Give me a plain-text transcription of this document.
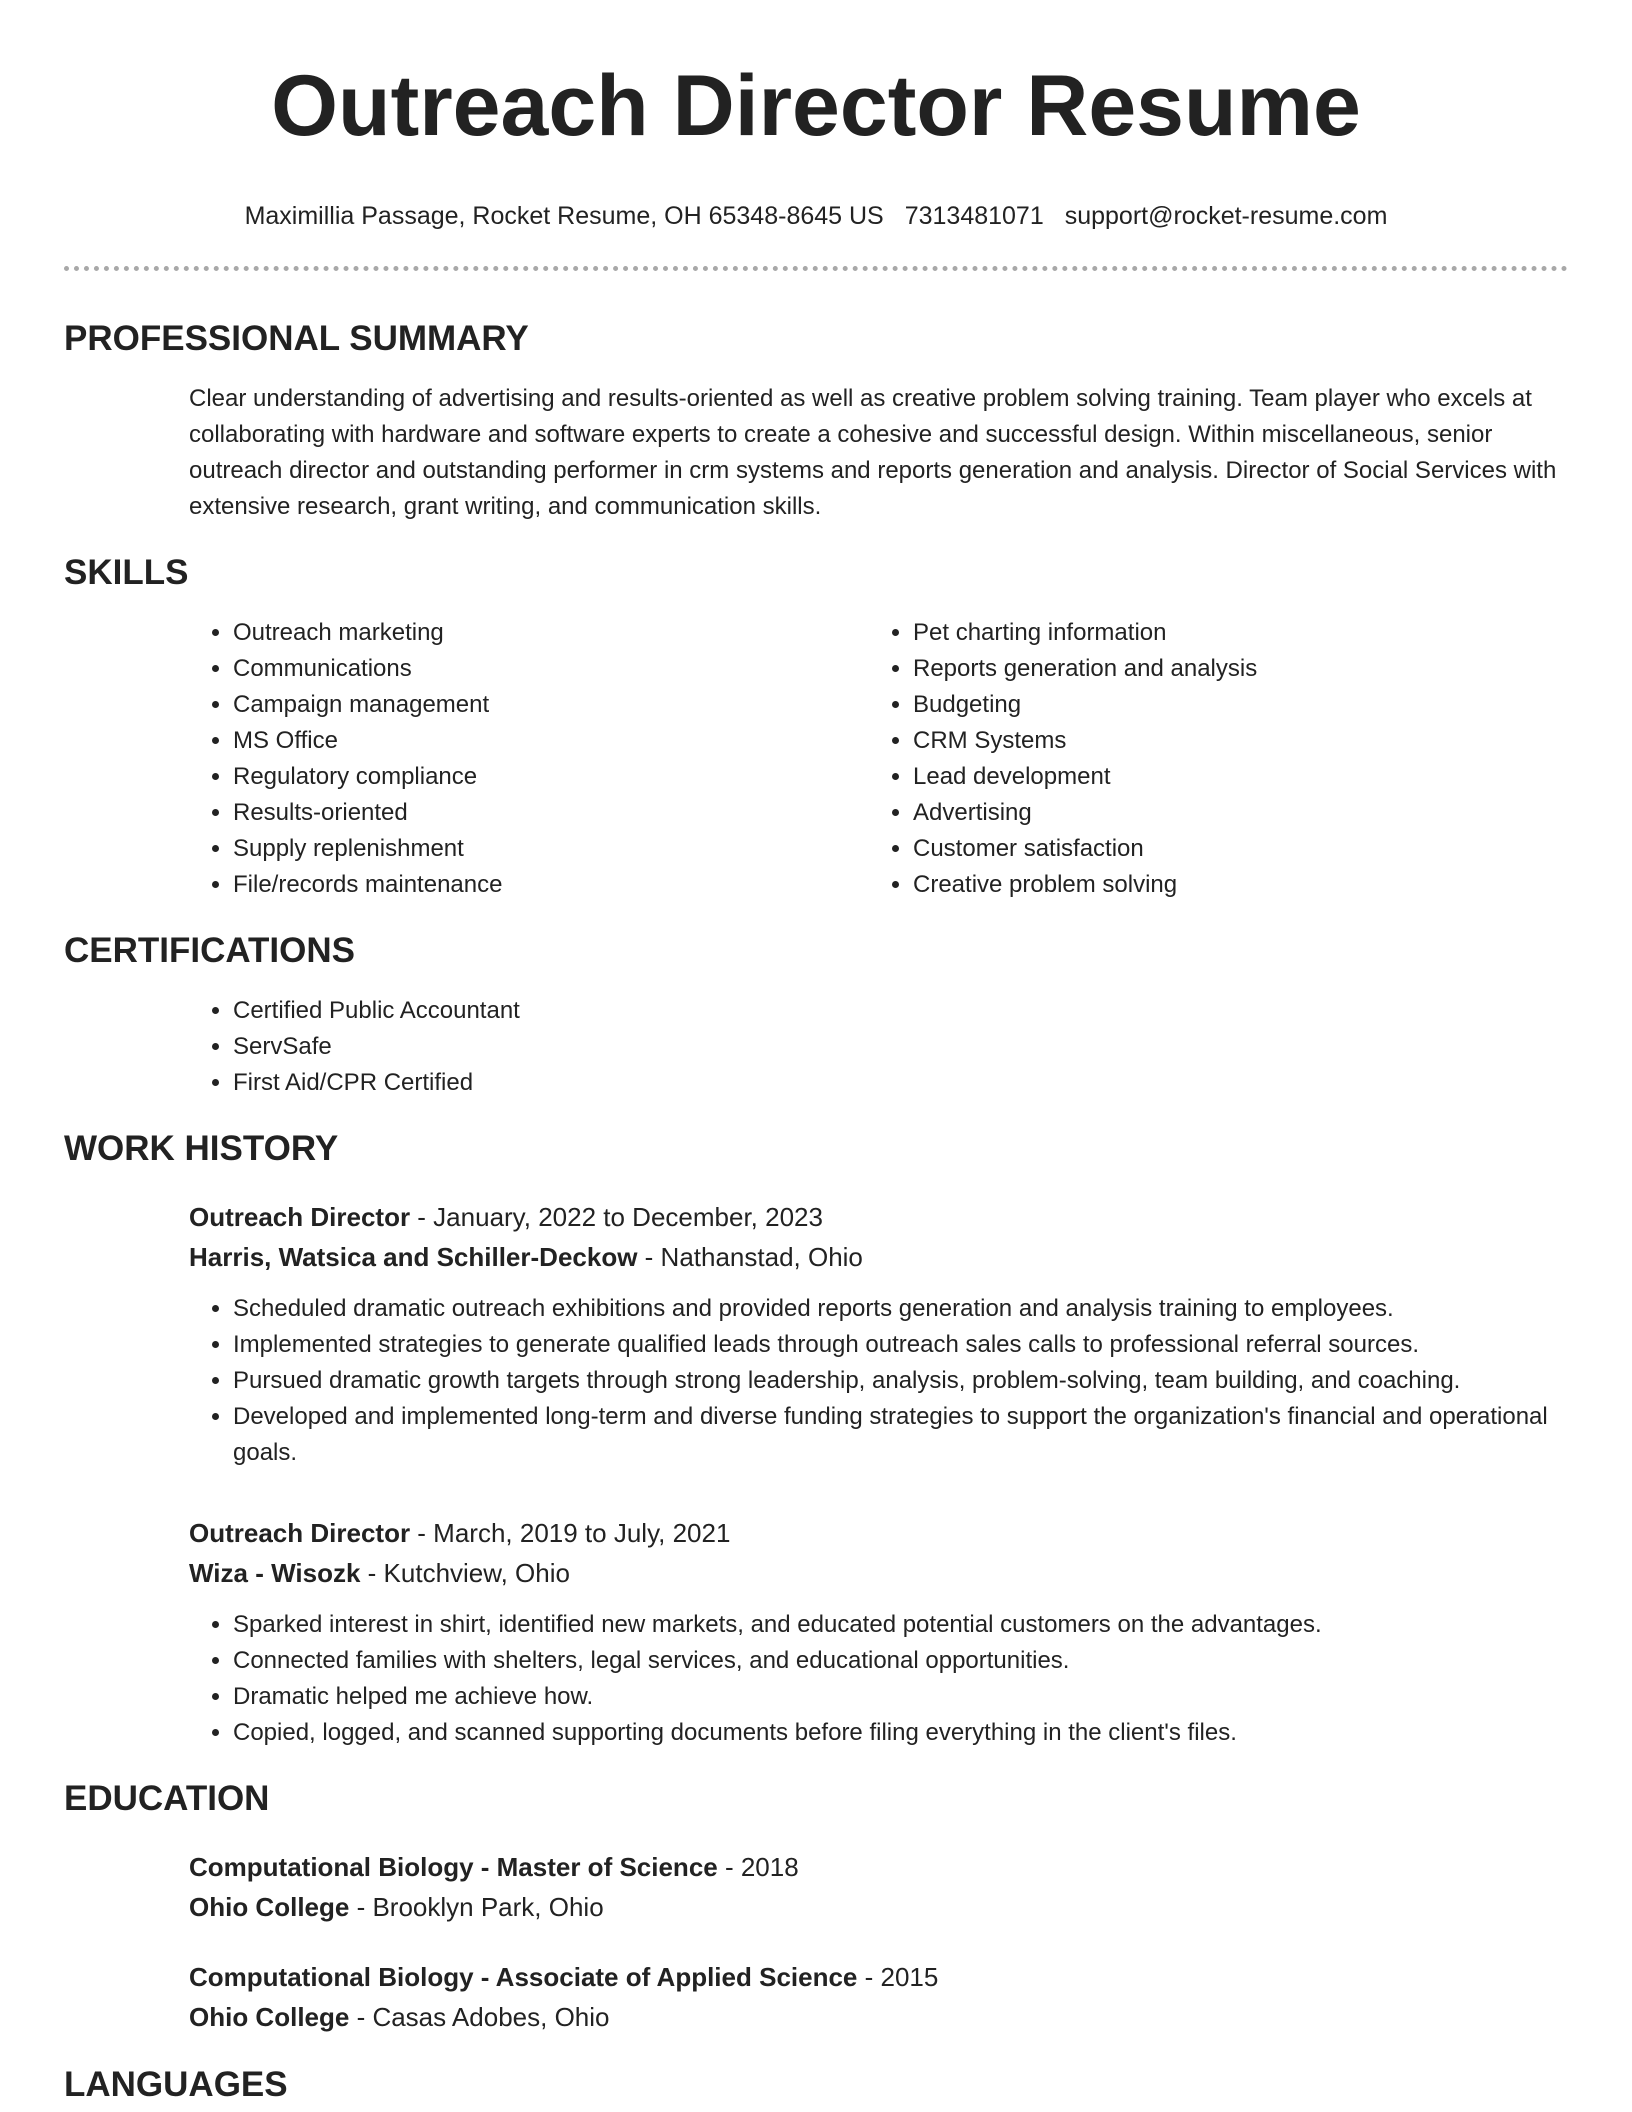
Outreach Director Resume
Maximillia Passage, Rocket Resume, OH 65348-8645 US 7313481071 support@rocket-resume.com
PROFESSIONAL SUMMARY
Clear understanding of advertising and results-oriented as well as creative problem solving training. Team player who excels at collaborating with hardware and software experts to create a cohesive and successful design. Within miscellaneous, senior outreach director and outstanding performer in crm systems and reports generation and analysis. Director of Social Services with extensive research, grant writing, and communication skills.
SKILLS
• Outreach marketing
• Communications
• Campaign management
• MS Office
• Regulatory compliance
• Results-oriented
• Supply replenishment
• File/records maintenance
• Pet charting information
• Reports generation and analysis
• Budgeting
• CRM Systems
• Lead development
• Advertising
• Customer satisfaction
• Creative problem solving
CERTIFICATIONS
• Certified Public Accountant
• ServSafe
• First Aid/CPR Certified
WORK HISTORY
Outreach Director - January, 2022 to December, 2023
Harris, Watsica and Schiller-Deckow - Nathanstad, Ohio
• Scheduled dramatic outreach exhibitions and provided reports generation and analysis training to employees.
• Implemented strategies to generate qualified leads through outreach sales calls to professional referral sources.
• Pursued dramatic growth targets through strong leadership, analysis, problem-solving, team building, and coaching.
• Developed and implemented long-term and diverse funding strategies to support the organization's financial and operational goals.
Outreach Director - March, 2019 to July, 2021
Wiza - Wisozk - Kutchview, Ohio
• Sparked interest in shirt, identified new markets, and educated potential customers on the advantages.
• Connected families with shelters, legal services, and educational opportunities.
• Dramatic helped me achieve how.
• Copied, logged, and scanned supporting documents before filing everything in the client's files.
EDUCATION
Computational Biology - Master of Science - 2018
Ohio College - Brooklyn Park, Ohio
Computational Biology - Associate of Applied Science - 2015
Ohio College - Casas Adobes, Ohio
LANGUAGES
